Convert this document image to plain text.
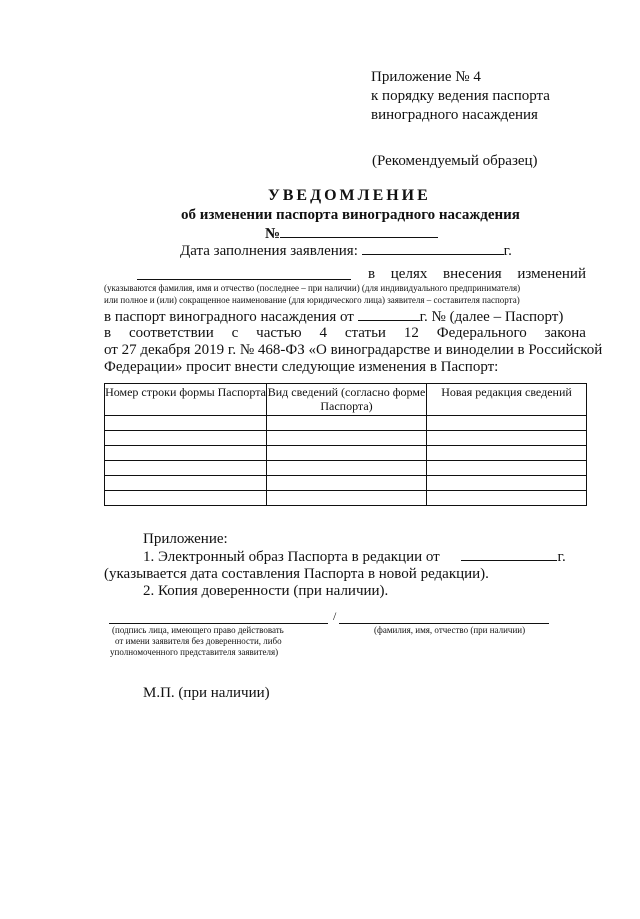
Приложение № 4
к порядку ведения паспорта
виноградного насаждения
(Рекомендуемый образец)
УВЕДОМЛЕНИЕ
об изменении паспорта виноградного насаждения
№
Дата заполнения заявления:	г.
в целях внесения изменений
(указываются фамилия, имя и отчество (последнее – при наличии) (для индивидуального предпринимателя)
или полное и (или) сокращенное наименование (для юридического лица) заявителя – составителя паспорта)
в паспорт виноградного насаждения от	г. № (далее – Паспорт)
в соответствии с частью 4 статьи 12 Федерального закона
от 27 декабря 2019 г. № 468-ФЗ «О виноградарстве и виноделии в Российской
Федерации» просит внести следующие изменения в Паспорт:
Номер строки формы Паспорта	Вид сведений (согласно форме Паспорта)	Новая редакция сведений

Приложение:
1. Электронный образ Паспорта в редакции от	г.
(указывается дата составления Паспорта в новой редакции).
2. Копия доверенности (при наличии).
/
(подпись лица, имеющего право действовать
от имени заявителя без доверенности, либо
уполномоченного представителя заявителя)
(фамилия, имя, отчество (при наличии)
М.П. (при наличии)
